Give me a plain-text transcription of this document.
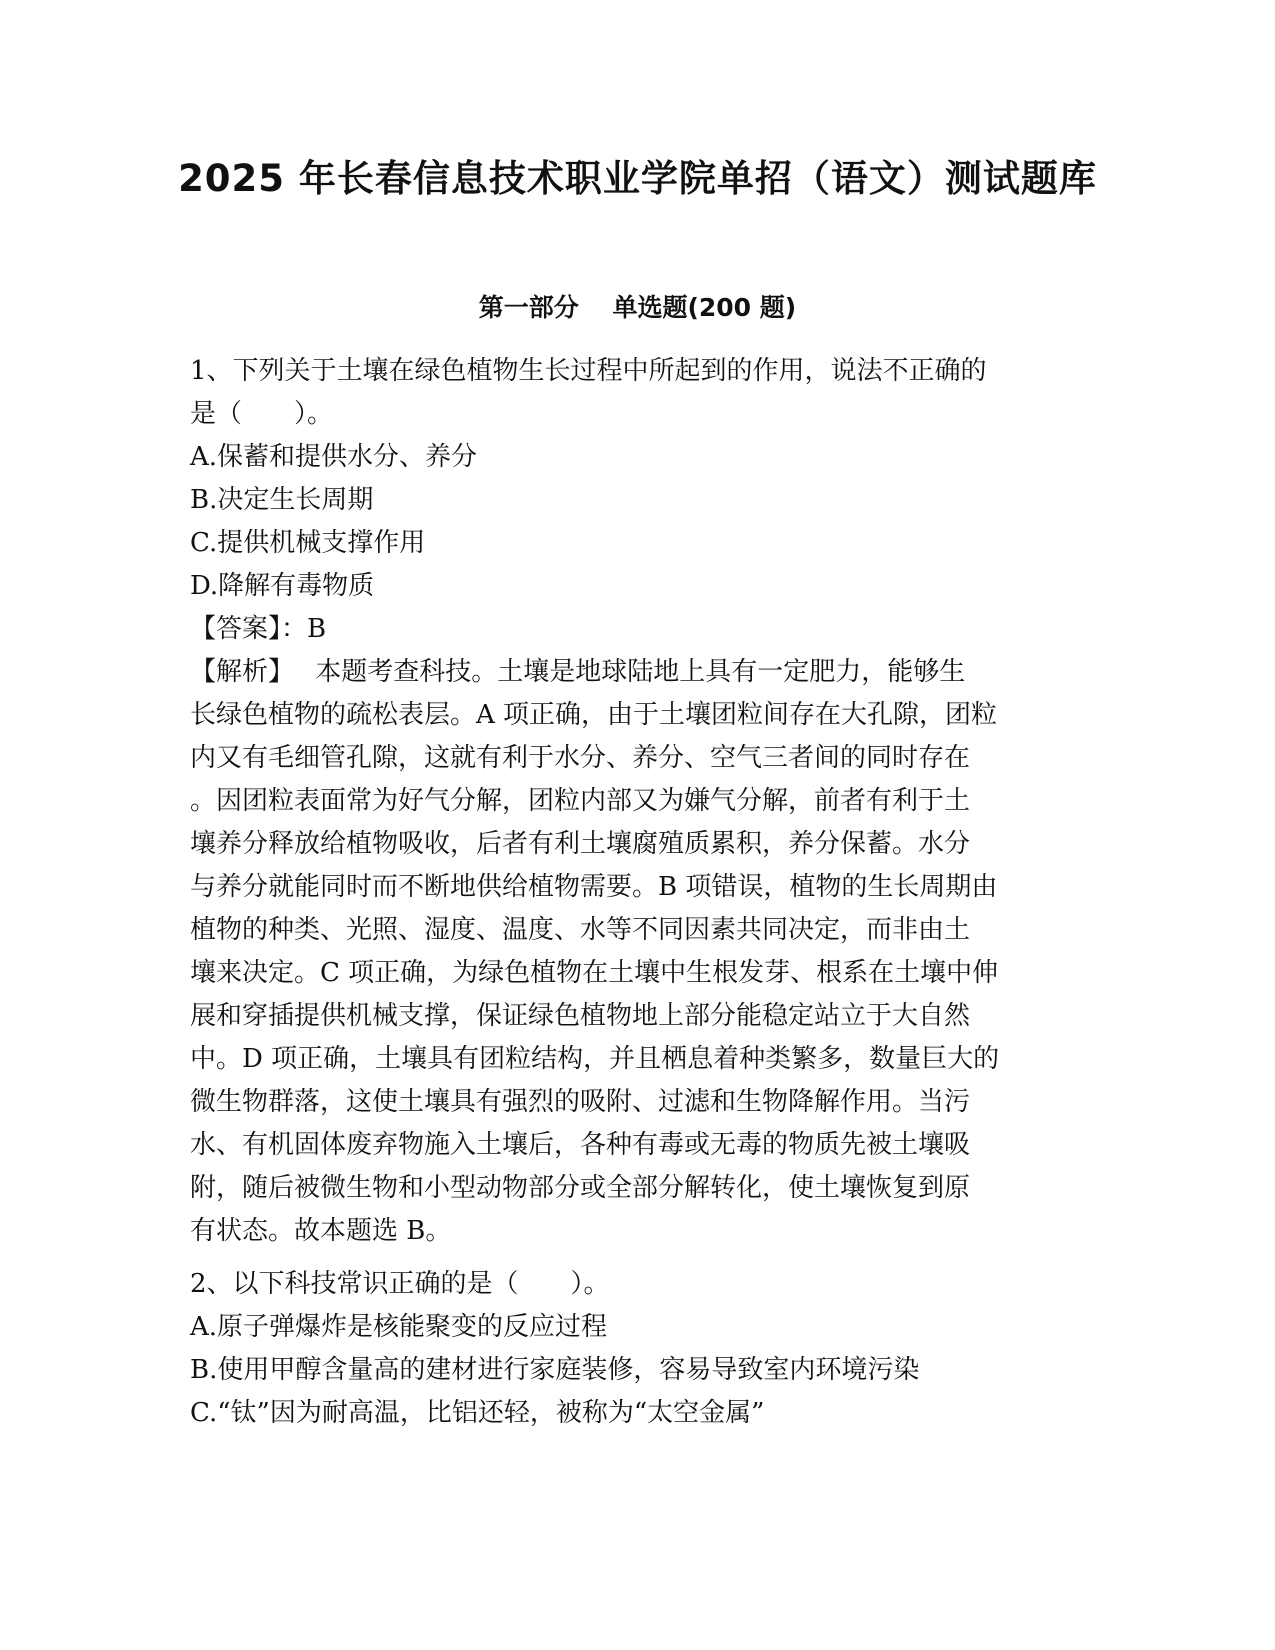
2025 年长春信息技术职业学院单招（语文）测试题库
第一部分　 单选题(200 题)
1、下列关于土壤在绿色植物生长过程中所起到的作用，说法不正确的
是（　　）。
A.保蓄和提供水分、养分
B.决定生长周期
C.提供机械支撑作用
D.降解有毒物质
【答案】：B
【解析】　 本题考查科技。土壤是地球陆地上具有一定肥力，能够生
长绿色植物的疏松表层。A 项正确，由于土壤团粒间存在大孔隙，团粒
内又有毛细管孔隙，这就有利于水分、养分、空气三者间的同时存在
。因团粒表面常为好气分解，团粒内部又为嫌气分解，前者有利于土
壤养分释放给植物吸收，后者有利土壤腐殖质累积，养分保蓄。水分
与养分就能同时而不断地供给植物需要。B 项错误，植物的生长周期由
植物的种类、光照、湿度、温度、水等不同因素共同决定，而非由土
壤来决定。C 项正确，为绿色植物在土壤中生根发芽、根系在土壤中伸
展和穿插提供机械支撑，保证绿色植物地上部分能稳定站立于大自然
中。D 项正确，土壤具有团粒结构，并且栖息着种类繁多，数量巨大的
微生物群落，这使土壤具有强烈的吸附、过滤和生物降解作用。当污
水、有机固体废弃物施入土壤后，各种有毒或无毒的物质先被土壤吸
附，随后被微生物和小型动物部分或全部分解转化，使土壤恢复到原
有状态。故本题选 B。
2、以下科技常识正确的是（　　）。
A.原子弹爆炸是核能聚变的反应过程
B.使用甲醇含量高的建材进行家庭装修，容易导致室内环境污染
C.“钛”因为耐高温，比铝还轻，被称为“太空金属”
